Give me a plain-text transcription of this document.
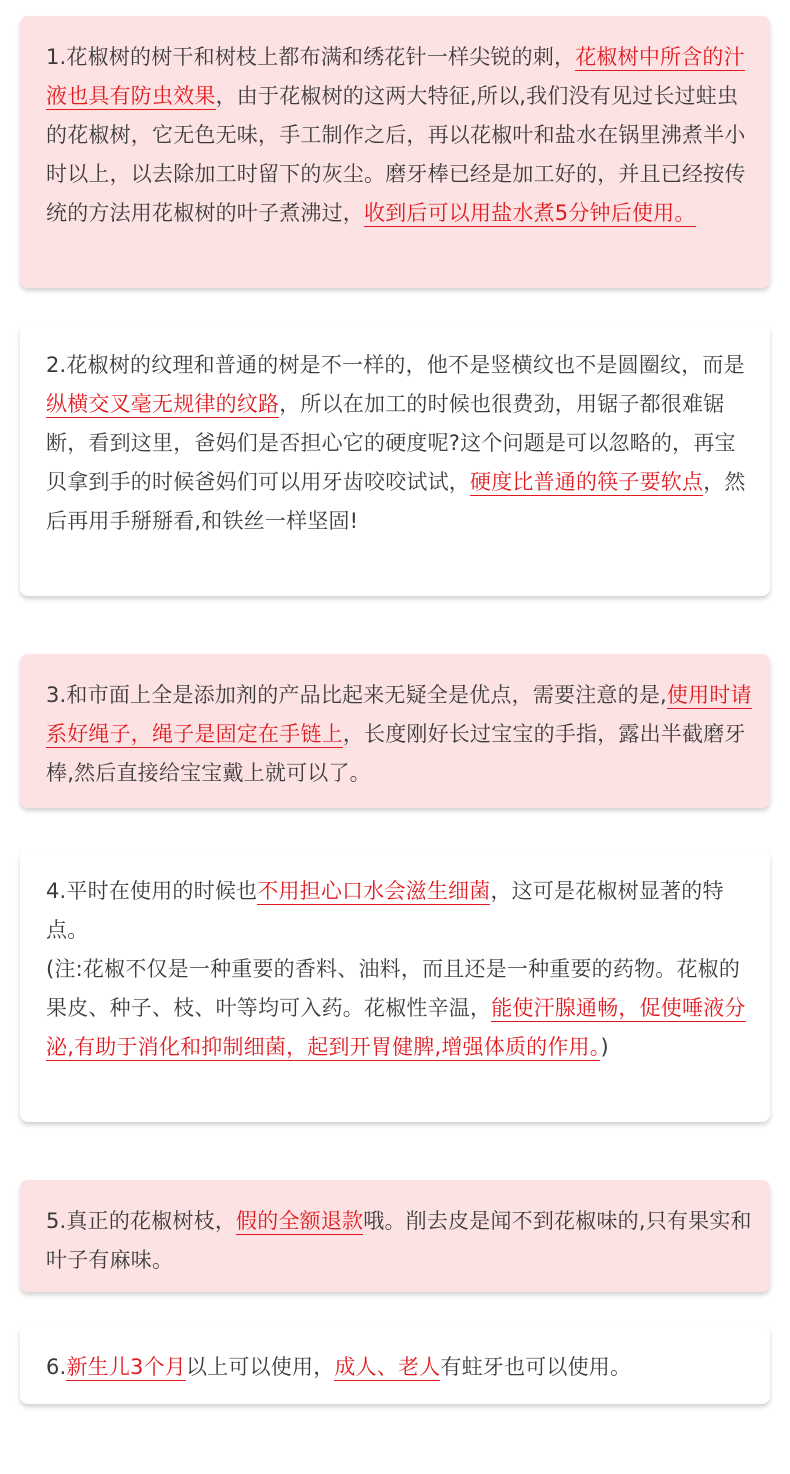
1.花椒树的树干和树枝上都布满和绣花针一样尖锐的刺，花椒树中所含的汁液也具有防虫效果，由于花椒树的这两大特征,所以,我们没有见过长过蛀虫的花椒树，它无色无味，手工制作之后，再以花椒叶和盐水在锅里沸煮半小时以上，以去除加工时留下的灰尘。磨牙棒已经是加工好的，并且已经按传统的方法用花椒树的叶子煮沸过，收到后可以用盐水煮5分钟后使用。

2.花椒树的纹理和普通的树是不一样的，他不是竖横纹也不是圆圈纹，而是纵横交叉毫无规律的纹路，所以在加工的时候也很费劲，用锯子都很难锯断，看到这里，爸妈们是否担心它的硬度呢?这个问题是可以忽略的，再宝贝拿到手的时候爸妈们可以用牙齿咬咬试试，硬度比普通的筷子要软点，然后再用手掰掰看,和铁丝一样坚固!

3.和市面上全是添加剂的产品比起来无疑全是优点，需要注意的是,使用时请系好绳子，绳子是固定在手链上，长度刚好长过宝宝的手指，露出半截磨牙棒,然后直接给宝宝戴上就可以了。

4.平时在使用的时候也不用担心口水会滋生细菌，这可是花椒树显著的特点。

(注:花椒不仅是一种重要的香料、油料，而且还是一种重要的药物。花椒的果皮、种子、枝、叶等均可入药。花椒性辛温，能使汗腺通畅，促使唾液分泌,有助于消化和抑制细菌，起到开胃健脾,增强体质的作用。)

5.真正的花椒树枝，假的全额退款哦。削去皮是闻不到花椒味的,只有果实和叶子有麻味。

6.新生儿3个月以上可以使用，成人、老人有蛀牙也可以使用。
